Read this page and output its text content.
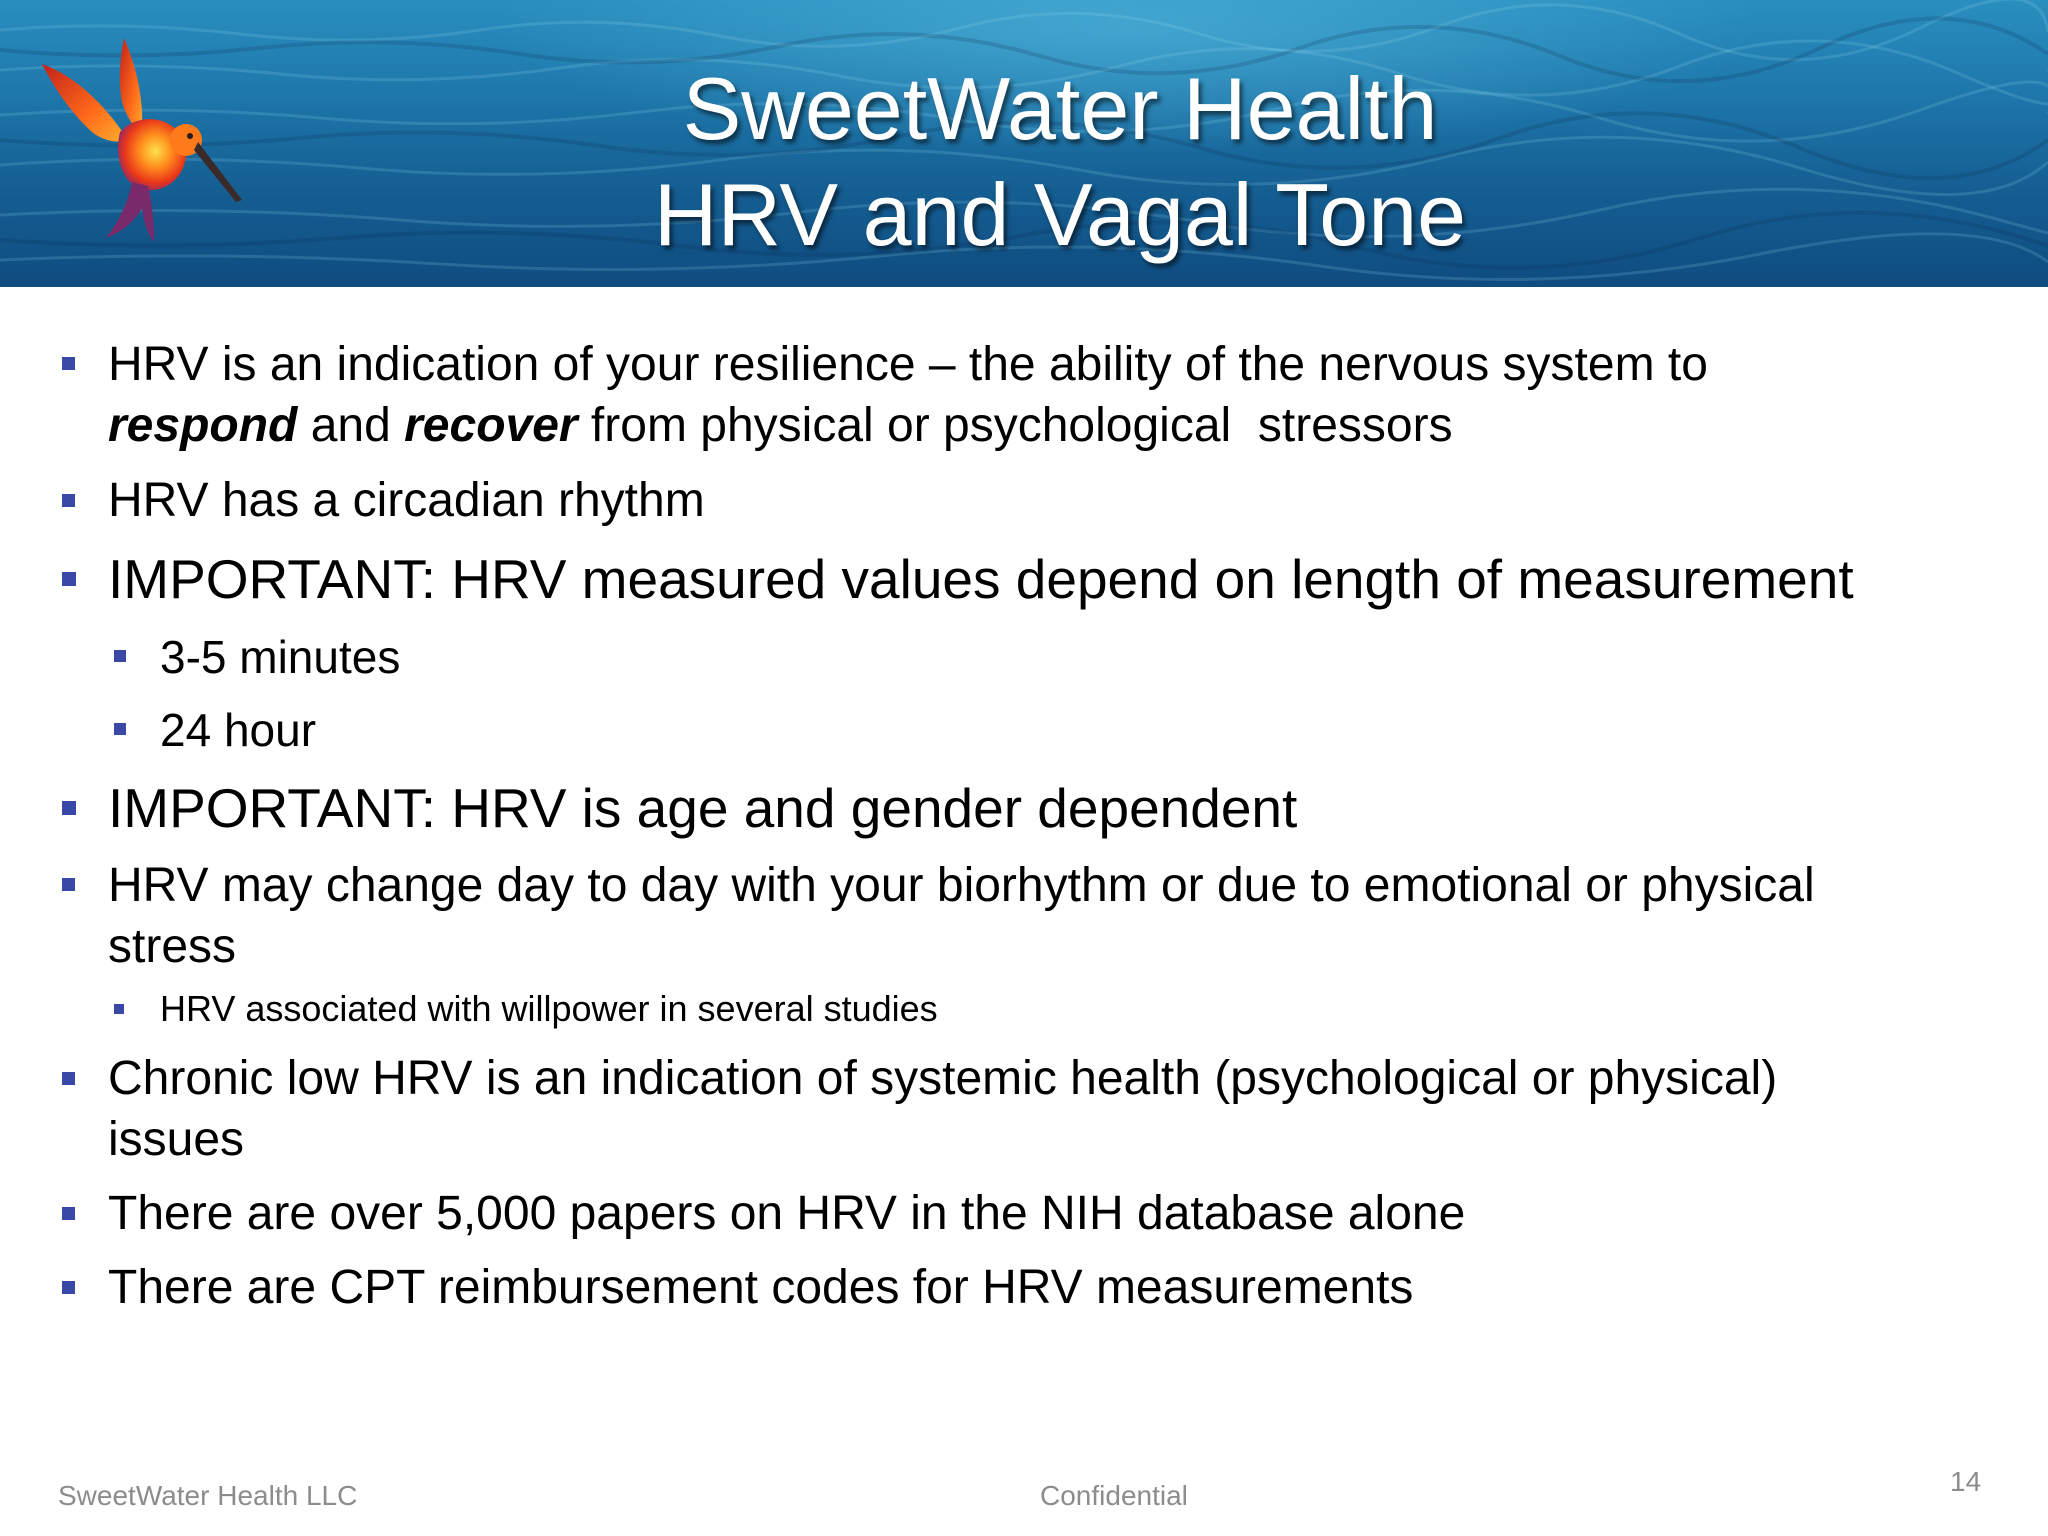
SweetWater Health
HRV and Vagal Tone
HRV is an indication of your resilience – the ability of the nervous system to
respond and recover from physical or psychological  stressors
HRV has a circadian rhythm
IMPORTANT: HRV measured values depend on length of measurement
3-5 minutes
24 hour
IMPORTANT: HRV is age and gender dependent
HRV may change day to day with your biorhythm or due to emotional or physical
stress
HRV associated with willpower in several studies
Chronic low HRV is an indication of systemic health (psychological or physical)
issues
There are over 5,000 papers on HRV in the NIH database alone
There are CPT reimbursement codes for HRV measurements
SweetWater Health LLC	Confidential	14
